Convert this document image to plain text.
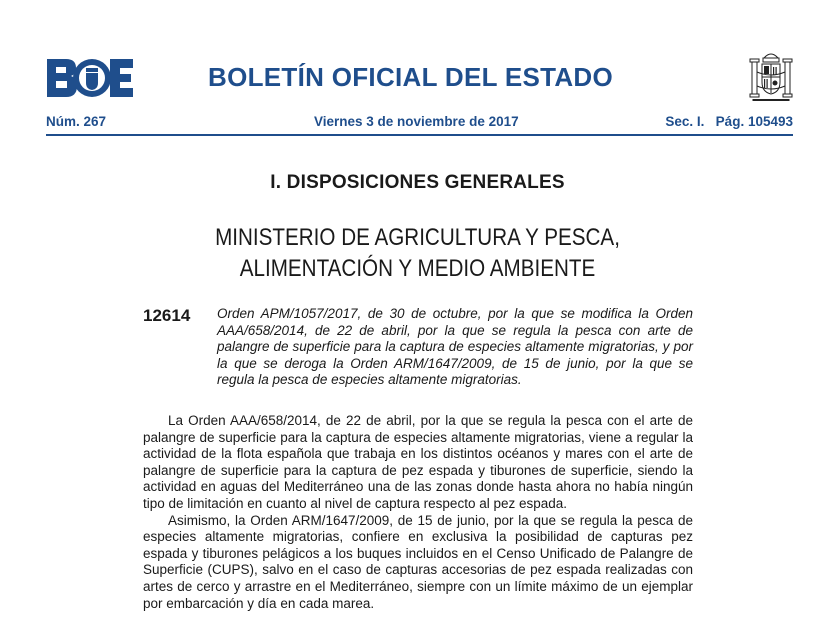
BOLETÍN OFICIAL DEL ESTADO
Núm. 267	Viernes 3 de noviembre de 2017	Sec. I.   Pág. 105493
I. DISPOSICIONES GENERALES
MINISTERIO DE AGRICULTURA Y PESCA,
ALIMENTACIÓN Y MEDIO AMBIENTE
12614 Orden APM/1057/2017, de 30 de octubre, por la que se modifica la Orden AAA/658/2014, de 22 de abril, por la que se regula la pesca con arte de palangre de superficie para la captura de especies altamente migratorias, y por la que se deroga la Orden ARM/1647/2009, de 15 de junio, por la que se regula la pesca de especies altamente migratorias.

La Orden AAA/658/2014, de 22 de abril, por la que se regula la pesca con el arte de palangre de superficie para la captura de especies altamente migratorias, viene a regular la actividad de la flota española que trabaja en los distintos océanos y mares con el arte de palangre de superficie para la captura de pez espada y tiburones de superficie, siendo la actividad en aguas del Mediterráneo una de las zonas donde hasta ahora no había ningún tipo de limitación en cuanto al nivel de captura respecto al pez espada.

Asimismo, la Orden ARM/1647/2009, de 15 de junio, por la que se regula la pesca de especies altamente migratorias, confiere en exclusiva la posibilidad de capturas pez espada y tiburones pelágicos a los buques incluidos en el Censo Unificado de Palangre de Superficie (CUPS), salvo en el caso de capturas accesorias de pez espada realizadas con artes de cerco y arrastre en el Mediterráneo, siempre con un límite máximo de un ejemplar por embarcación y día en cada marea.
